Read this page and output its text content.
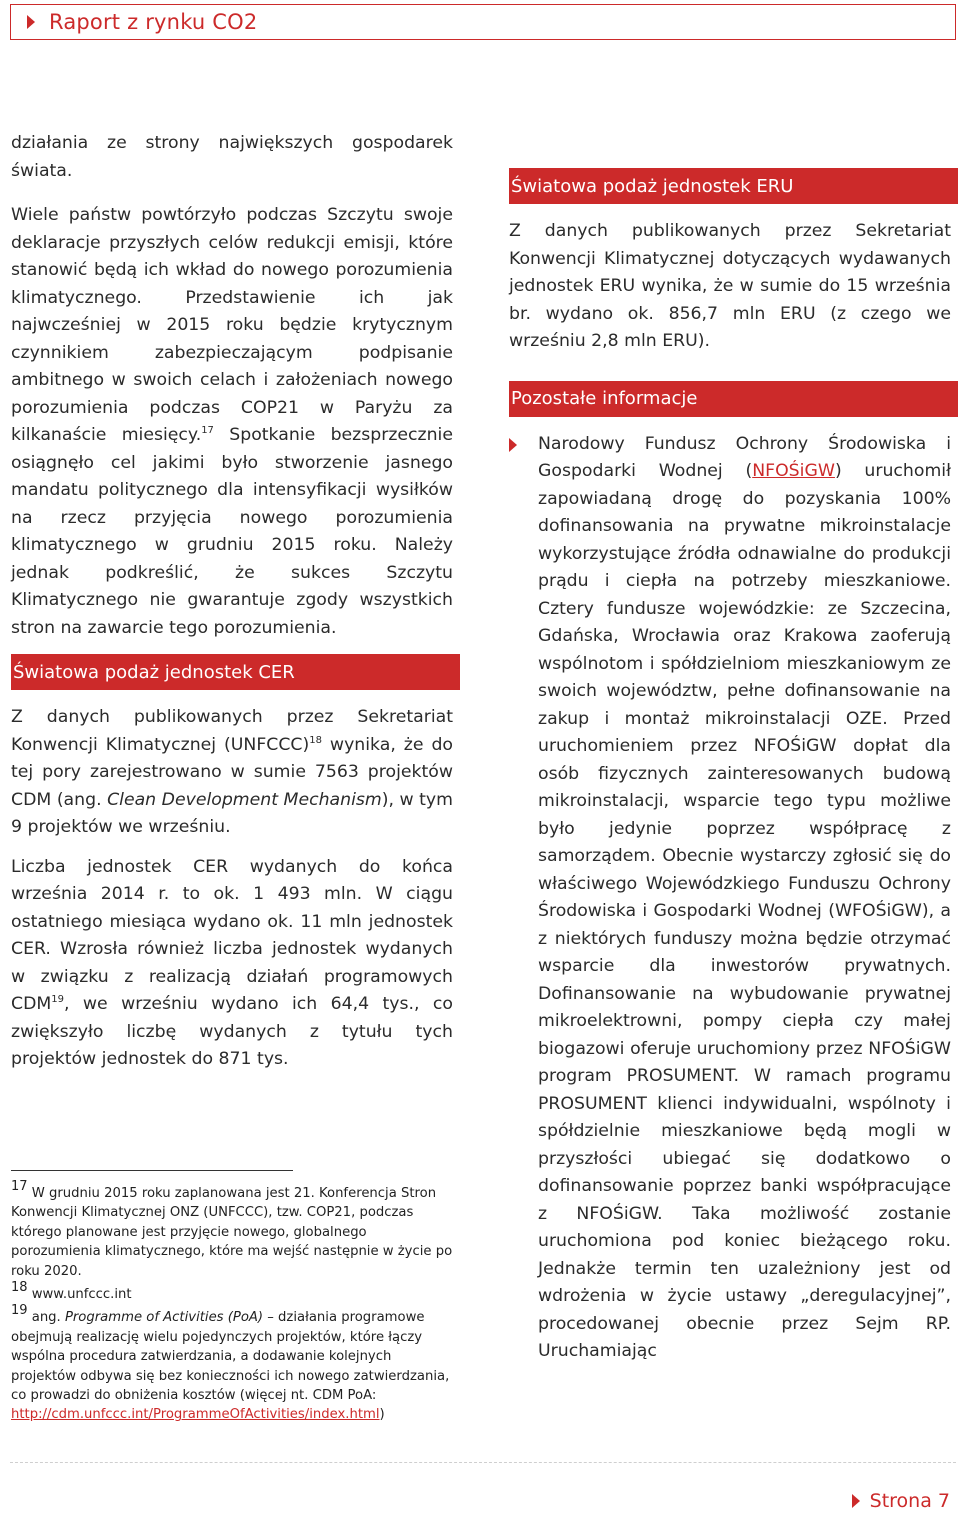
Raport z rynku CO2

działania ze strony największych gospodarek świata.

Wiele państw powtórzyło podczas Szczytu swoje deklaracje przyszłych celów redukcji emisji, które stanowić będą ich wkład do nowego porozumienia klimatycznego. Przedstawienie ich jak najwcześniej w 2015 roku będzie krytycznym czynnikiem zabezpieczającym podpisanie ambitnego w swoich celach i założeniach nowego porozumienia podczas COP21 w Paryżu za kilkanaście miesięcy.$^{17}$ Spotkanie bezsprzecznie osiągnęło cel jakimi było stworzenie jasnego mandatu politycznego dla intensyfikacji wysiłków na rzecz przyjęcia nowego porozumienia klimatycznego w grudniu 2015 roku. Należy jednak podkreślić, że sukces Szczytu Klimatycznego nie gwarantuje zgody wszystkich stron na zawarcie tego porozumienia.

Światowa podaż jednostek CER

Z danych publikowanych przez Sekretariat Konwencji Klimatycznej (UNFCCC)$^{18}$ wynika, że do tej pory zarejestrowano w sumie 7563 projektów CDM (ang. Clean Development Mechanism), w tym 9 projektów we wrześniu.

Liczba jednostek CER wydanych do końca września 2014 r. to ok. 1 493 mln. W ciągu ostatniego miesiąca wydano ok. 11 mln jednostek CER. Wzrosła również liczba jednostek wydanych w związku z realizacją działań programowych CDM$^{19}$, we wrześniu wydano ich 64,4 tys., co zwiększyło liczbę wydanych z tytułu tych projektów jednostek do 871 tys.

$^{17}$ W grudniu 2015 roku zaplanowana jest 21. Konferencja Stron Konwencji Klimatycznej ONZ (UNFCCC), tzw. COP21, podczas którego planowane jest przyjęcie nowego, globalnego porozumienia klimatycznego, które ma wejść następnie w życie po roku 2020.

$^{18}$ www.unfccc.int

$^{19}$ ang. Programme of Activities (PoA) – działania programowe obejmują realizację wielu pojedynczych projektów, które łączy wspólna procedura zatwierdzania, a dodawanie kolejnych projektów odbywa się bez konieczności ich nowego zatwierdzania, co prowadzi do obniżenia kosztów (więcej nt. CDM PoA: http://cdm.unfccc.int/ProgrammeOfActivities/index.html)

Światowa podaż jednostek ERU

Z danych publikowanych przez Sekretariat Konwencji Klimatycznej dotyczących wydawanych jednostek ERU wynika, że w sumie do 15 września br. wydano ok. 856,7 mln ERU (z czego we wrześniu 2,8 mln ERU).

Pozostałe informacje

Narodowy Fundusz Ochrony Środowiska i Gospodarki Wodnej (NFOŚiGW) uruchomił zapowiadaną drogę do pozyskania 100% dofinansowania na prywatne mikroinstalacje wykorzystujące źródła odnawialne do produkcji prądu i ciepła na potrzeby mieszkaniowe. Cztery fundusze wojewódzkie: ze Szczecina, Gdańska, Wrocławia oraz Krakowa zaoferują wspólnotom i spółdzielniom mieszkaniowym ze swoich województw, pełne dofinansowanie na zakup i montaż mikroinstalacji OZE. Przed uruchomieniem przez NFOŚiGW dopłat dla osób fizycznych zainteresowanych budową mikroinstalacji, wsparcie tego typu możliwe było jedynie poprzez współpracę z samorządem. Obecnie wystarczy zgłosić się do właściwego Wojewódzkiego Funduszu Ochrony Środowiska i Gospodarki Wodnej (WFOŚiGW), a z niektórych funduszy można będzie otrzymać wsparcie dla inwestorów prywatnych. Dofinansowanie na wybudowanie prywatnej mikroelektrowni, pompy ciepła czy małej biogazowi oferuje uruchomiony przez NFOŚiGW program PROSUMENT. W ramach programu PROSUMENT klienci indywidualni, wspólnoty i spółdzielnie mieszkaniowe będą mogli w przyszłości ubiegać się dodatkowo o dofinansowanie poprzez banki współpracujące z NFOŚiGW. Taka możliwość zostanie uruchomiona pod koniec bieżącego roku. Jednakże termin ten uzależniony jest od wdrożenia w życie ustawy „deregulacyjnej”, procedowanej obecnie przez Sejm RP. Uruchamiając

Strona 7
